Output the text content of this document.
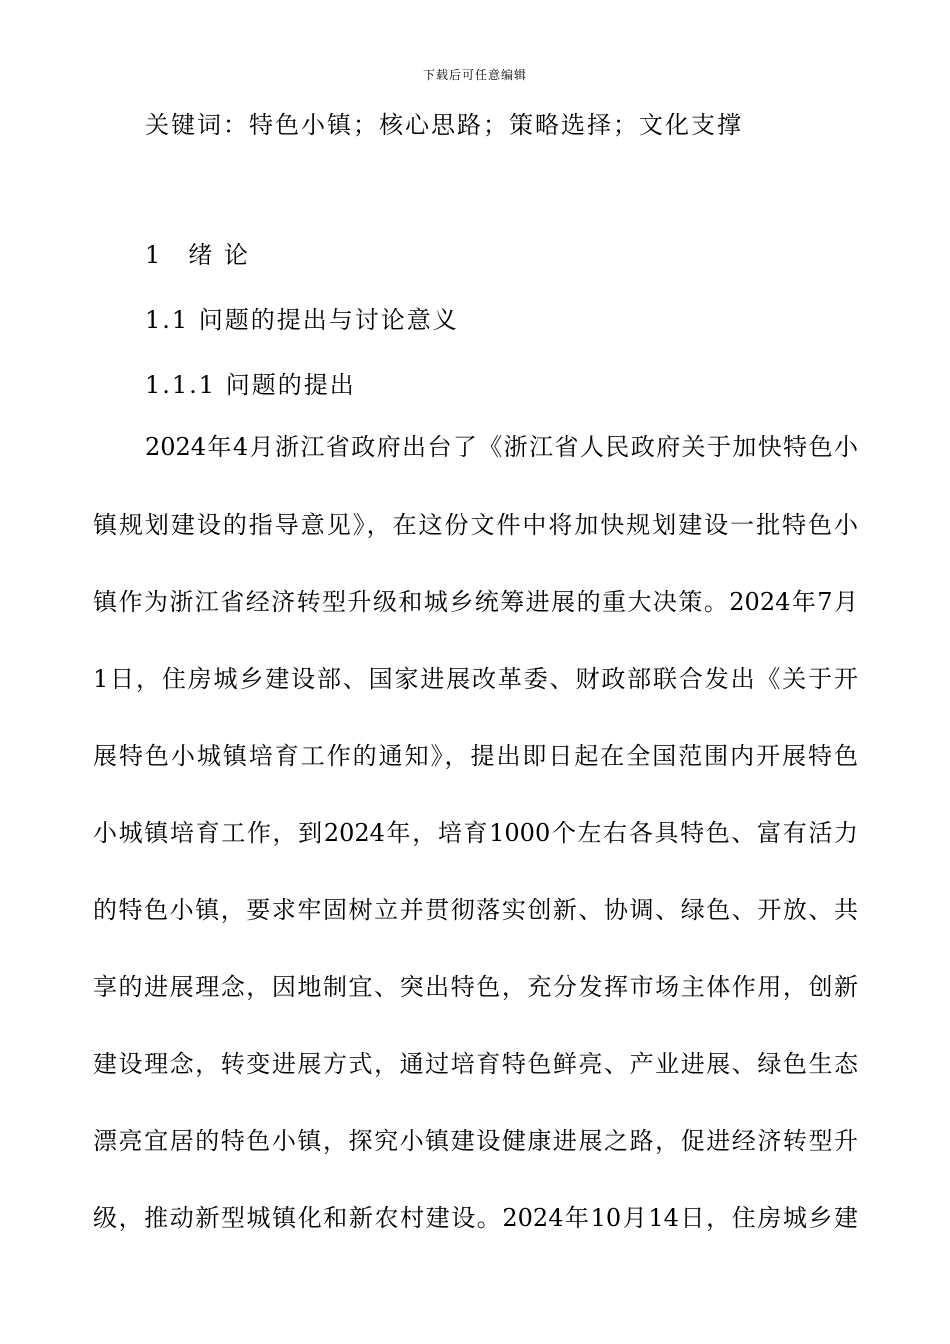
下载后可任意编辑
关键词：特色小镇；核心思路；策略选择；文化支撑
1 绪 论
1.1 问题的提出与讨论意义
1.1.1 问题的提出
2024年4月浙江省政府出台了《浙江省人民政府关于加快特色小
镇规划建设的指导意见》，在这份文件中将加快规划建设一批特色小
镇作为浙江省经济转型升级和城乡统筹进展的重大决策。2024年7月
1日，住房城乡建设部、国家进展改革委、财政部联合发出《关于开
展特色小城镇培育工作的通知》，提出即日起在全国范围内开展特色
小城镇培育工作，到2024年，培育1000个左右各具特色、富有活力
的特色小镇，要求牢固树立并贯彻落实创新、协调、绿色、开放、共
享的进展理念，因地制宜、突出特色，充分发挥市场主体作用，创新
建设理念，转变进展方式，通过培育特色鲜亮、产业进展、绿色生态
漂亮宜居的特色小镇，探究小镇建设健康进展之路，促进经济转型升
级，推动新型城镇化和新农村建设。2024年10月14日，住房城乡建
